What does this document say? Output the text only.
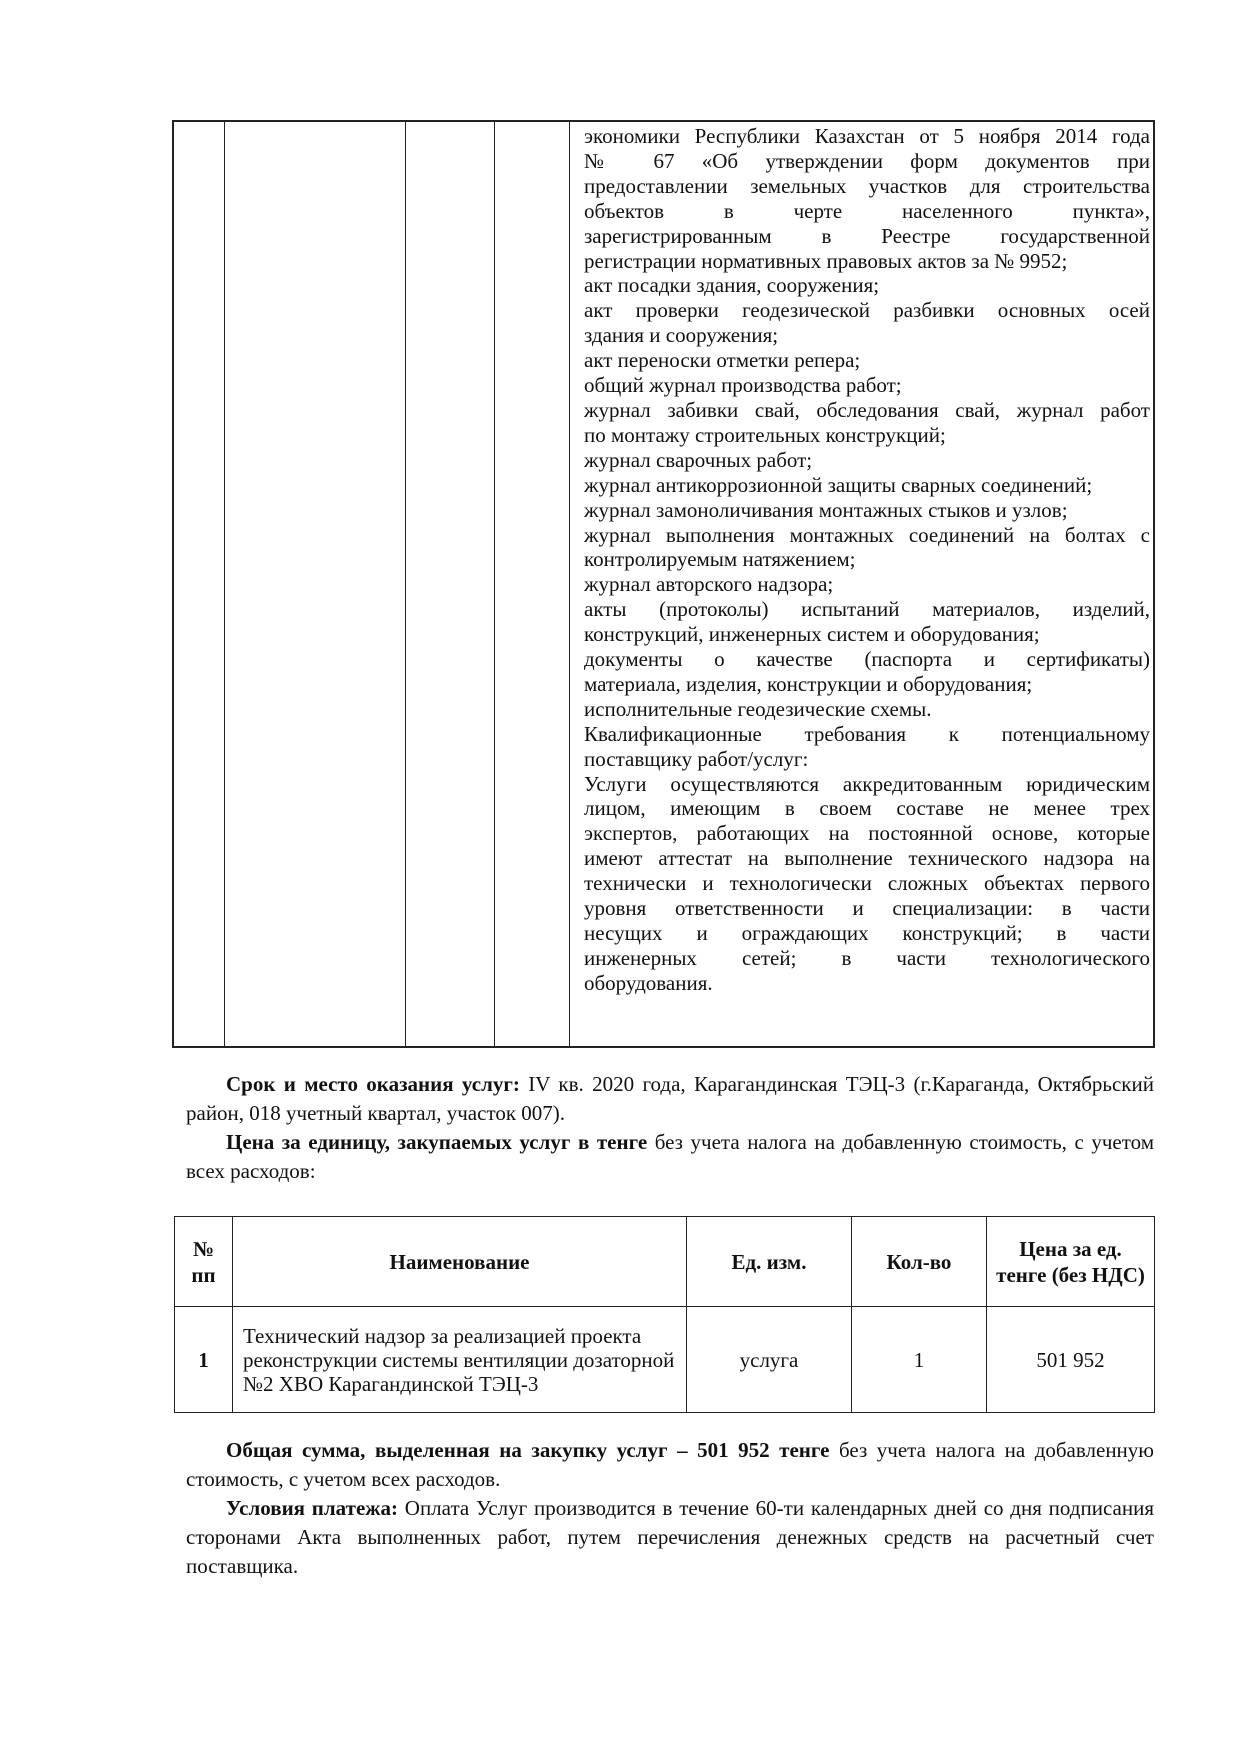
экономики Республики Казахстан от 5 ноября 2014 года
№ 67 «Об утверждении форм документов при
предоставлении земельных участков для строительства
объектов в черте населенного пункта»,
зарегистрированным в Реестре государственной
регистрации нормативных правовых актов за № 9952;
акт посадки здания, сооружения;
акт проверки геодезической разбивки основных осей
здания и сооружения;
акт переноски отметки репера;
общий журнал производства работ;
журнал забивки свай, обследования свай, журнал работ
по монтажу строительных конструкций;
журнал сварочных работ;
журнал антикоррозионной защиты сварных соединений;
журнал замоноличивания монтажных стыков и узлов;
журнал выполнения монтажных соединений на болтах с
контролируемым натяжением;
журнал авторского надзора;
акты (протоколы) испытаний материалов, изделий,
конструкций, инженерных систем и оборудования;
документы о качестве (паспорта и сертификаты)
материала, изделия, конструкции и оборудования;
исполнительные геодезические схемы.
Квалификационные требования к потенциальному
поставщику работ/услуг:
Услуги осуществляются аккредитованным юридическим
лицом, имеющим в своем составе не менее трех
экспертов, работающих на постоянной основе, которые
имеют аттестат на выполнение технического надзора на
технически и технологически сложных объектах первого
уровня ответственности и специализации: в части
несущих и ограждающих конструкций; в части
инженерных сетей; в части технологического
оборудования.
Срок и место оказания услуг: IV кв. 2020 года, Карагандинская ТЭЦ-3 (г.Караганда, Октябрьский район, 018 учетный квартал, участок 007).
Цена за единицу, закупаемых услуг в тенге без учета налога на добавленную стоимость, с учетом всех расходов:
№ пп	Наименование	Ед. изм.	Кол-во	Цена за ед. тенге (без НДС)
1	Технический надзор за реализацией проекта реконструкции системы вентиляции дозаторной №2 ХВО Карагандинской ТЭЦ-3	услуга	1	501 952
Общая сумма, выделенная на закупку услуг – 501 952 тенге без учета налога на добавленную стоимость, с учетом всех расходов.
Условия платежа: Оплата Услуг производится в течение 60-ти календарных дней со дня подписания сторонами Акта выполненных работ, путем перечисления денежных средств на расчетный счет поставщика.
